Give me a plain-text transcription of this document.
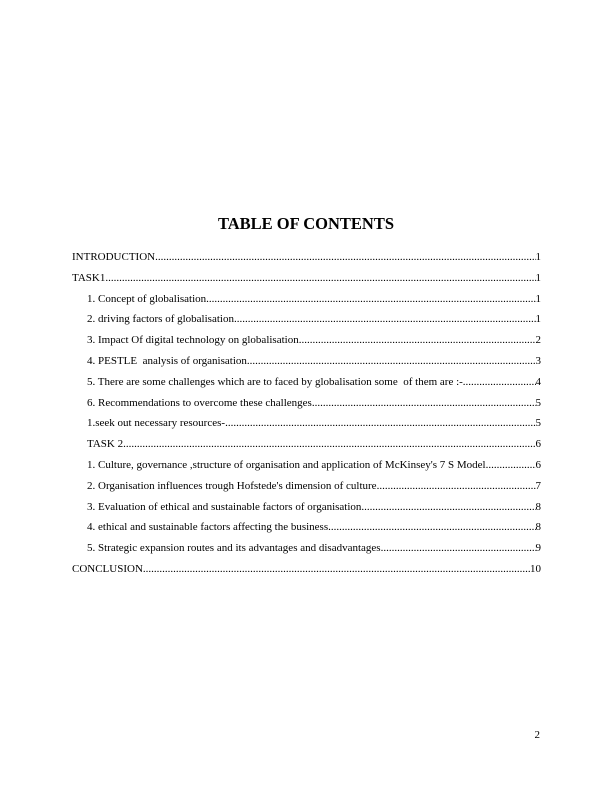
TABLE OF CONTENTS
INTRODUCTION .....	1
TASK1 .....	1
1. Concept of globalisation .....	1
2. driving factors of globalisation .....	1
3. Impact Of digital technology on globalisation .....	2
4. PESTLE  analysis of organisation .....	3
5. There are some challenges which are to faced by globalisation some  of them are :- .....	4
6. Recommendations to overcome these challenges .....	5
1.seek out necessary resources- .....	5
TASK 2 .....	6
1. Culture, governance ,structure of organisation and application of McKinsey's 7 S Model .....	6
2. Organisation influences trough Hofstede's dimension of culture .....	7
3. Evaluation of ethical and sustainable factors of organisation .....	8
4. ethical and sustainable factors affecting the business .....	8
5. Strategic expansion routes and its advantages and disadvantages .....	9
CONCLUSION .....	10
2
